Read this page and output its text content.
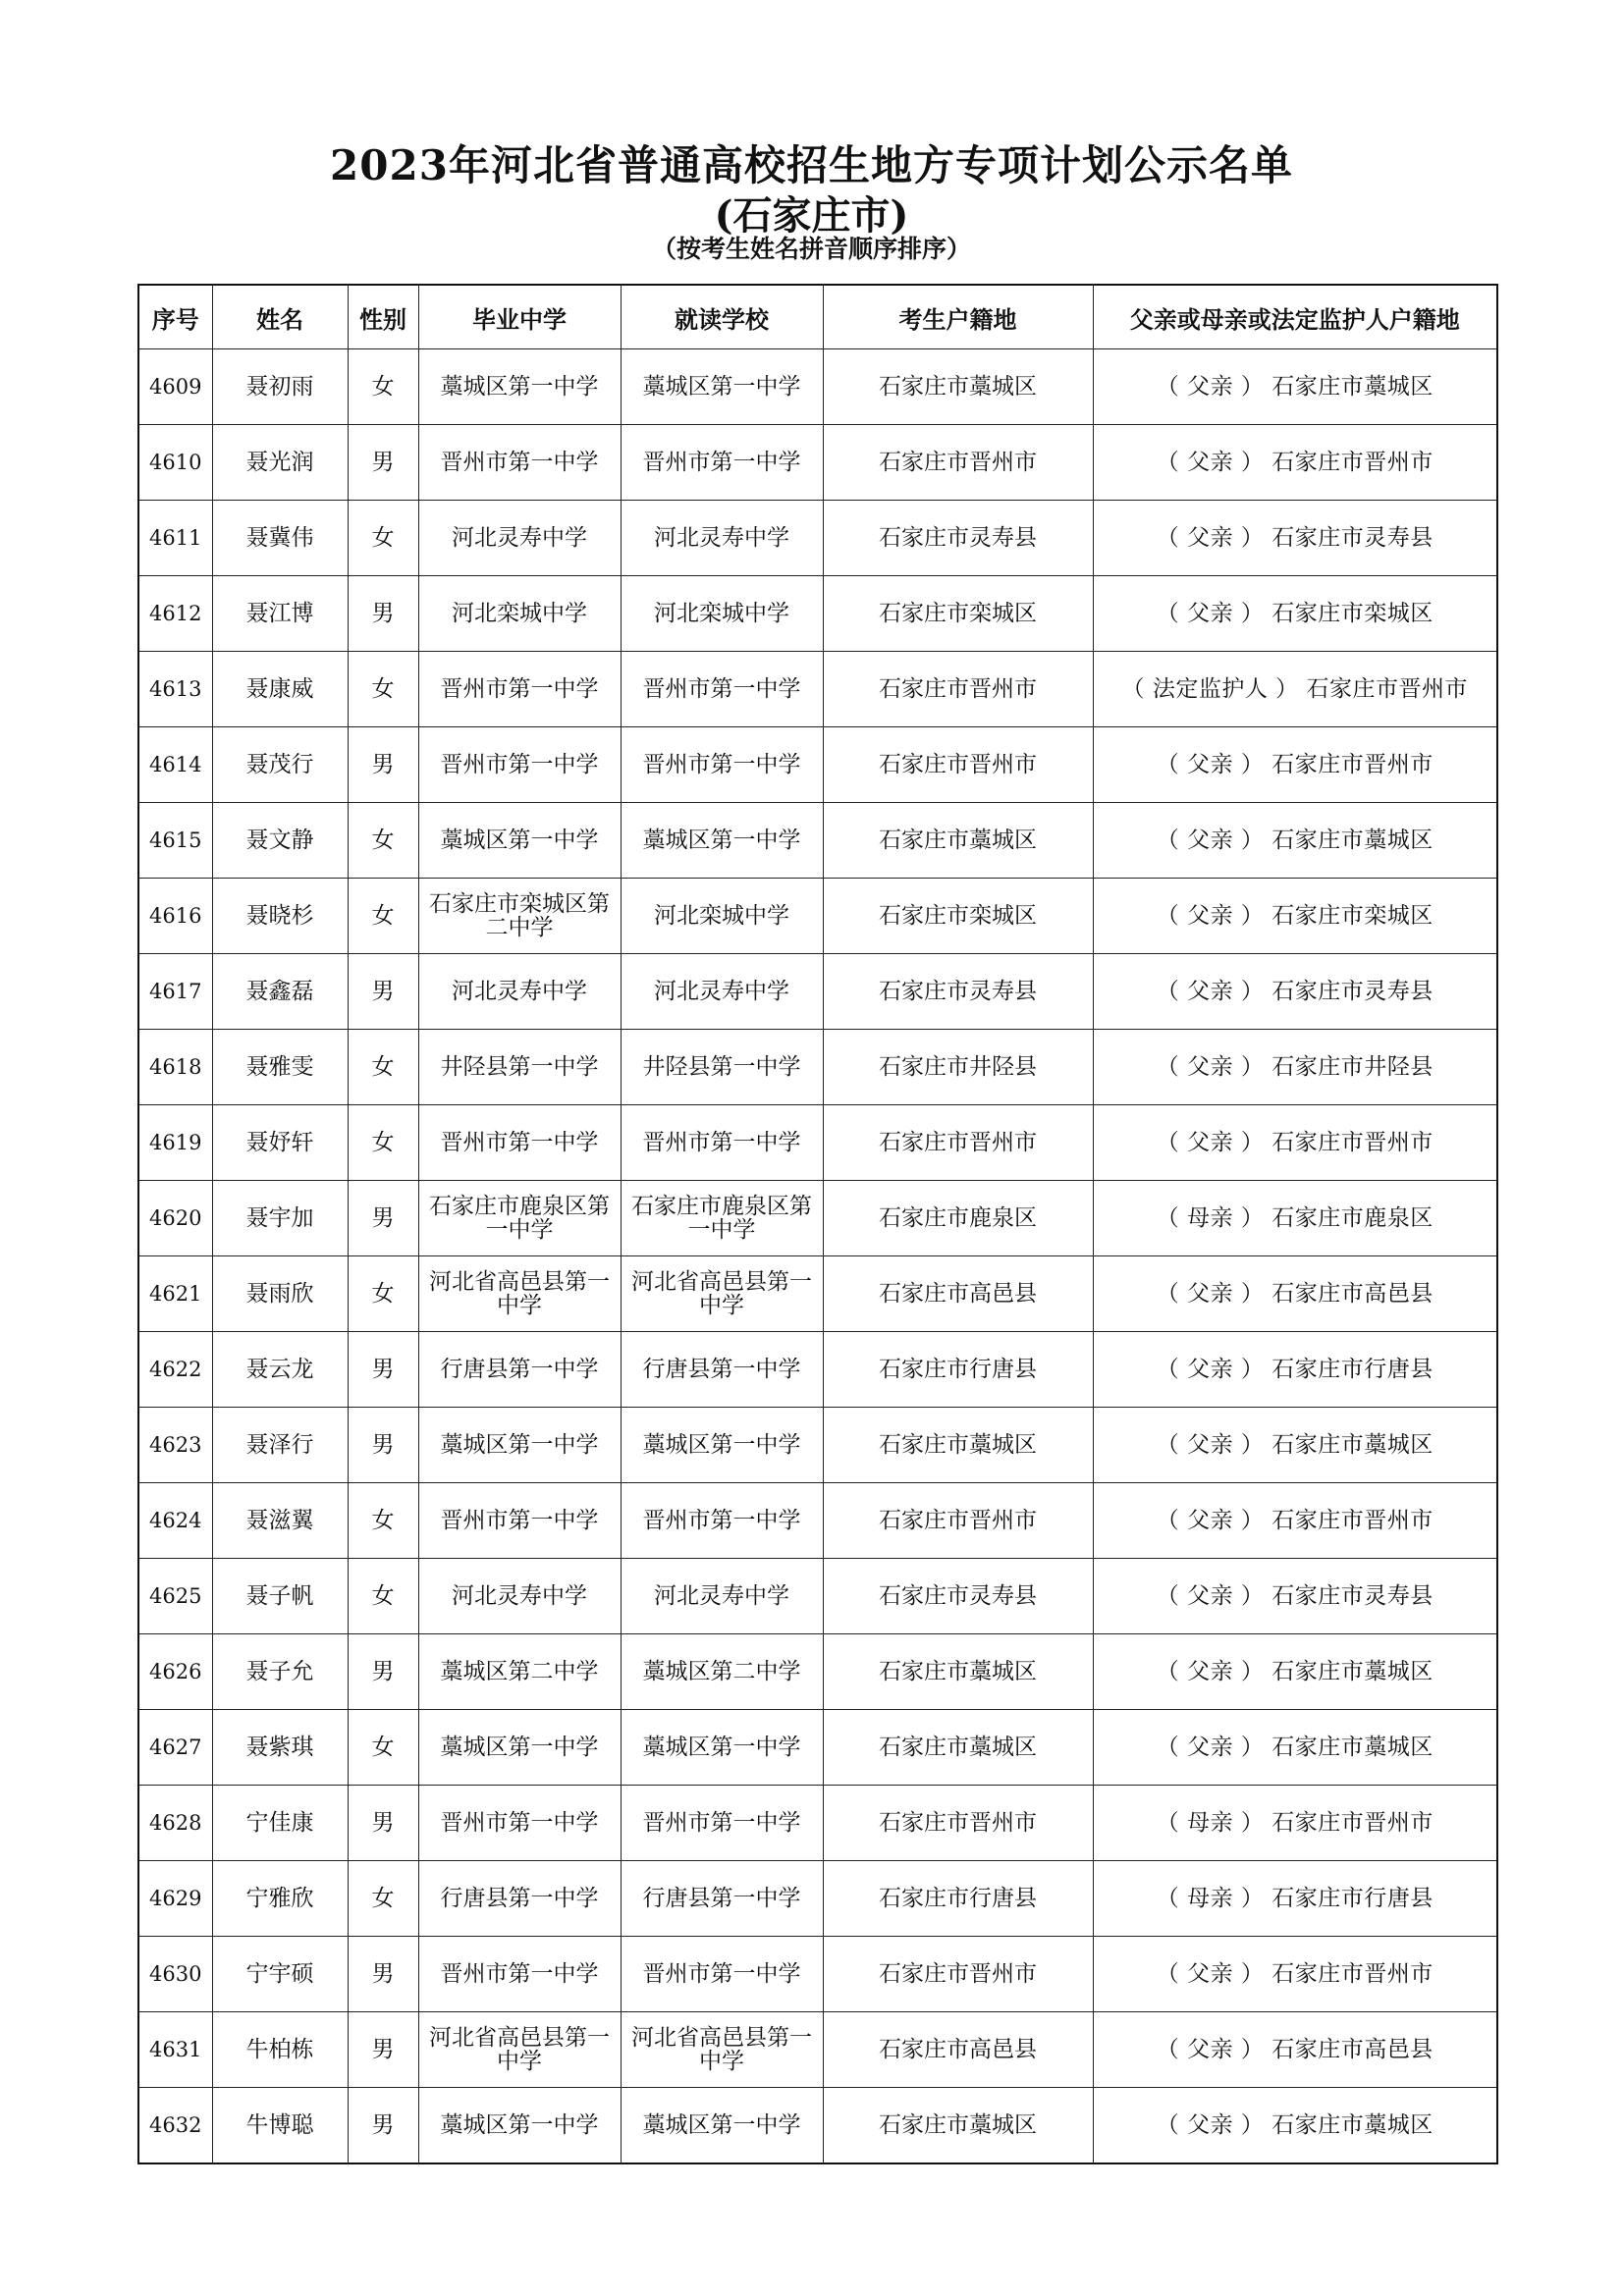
2023年河北省普通高校招生地方专项计划公示名单
(石家庄市)
（按考生姓名拼音顺序排序）
序号	姓名	性别	毕业中学	就读学校	考生户籍地	父亲或母亲或法定监护人户籍地
4609	聂初雨	女	藁城区第一中学	藁城区第一中学	石家庄市藁城区	（ 父亲 ） 石家庄市藁城区
4610	聂光润	男	晋州市第一中学	晋州市第一中学	石家庄市晋州市	（ 父亲 ） 石家庄市晋州市
4611	聂冀伟	女	河北灵寿中学	河北灵寿中学	石家庄市灵寿县	（ 父亲 ） 石家庄市灵寿县
4612	聂江博	男	河北栾城中学	河北栾城中学	石家庄市栾城区	（ 父亲 ） 石家庄市栾城区
4613	聂康威	女	晋州市第一中学	晋州市第一中学	石家庄市晋州市	（ 法定监护人 ） 石家庄市晋州市
4614	聂茂行	男	晋州市第一中学	晋州市第一中学	石家庄市晋州市	（ 父亲 ） 石家庄市晋州市
4615	聂文静	女	藁城区第一中学	藁城区第一中学	石家庄市藁城区	（ 父亲 ） 石家庄市藁城区
4616	聂晓杉	女	石家庄市栾城区第二中学	河北栾城中学	石家庄市栾城区	（ 父亲 ） 石家庄市栾城区
4617	聂鑫磊	男	河北灵寿中学	河北灵寿中学	石家庄市灵寿县	（ 父亲 ） 石家庄市灵寿县
4618	聂雅雯	女	井陉县第一中学	井陉县第一中学	石家庄市井陉县	（ 父亲 ） 石家庄市井陉县
4619	聂妤轩	女	晋州市第一中学	晋州市第一中学	石家庄市晋州市	（ 父亲 ） 石家庄市晋州市
4620	聂宇加	男	石家庄市鹿泉区第一中学	石家庄市鹿泉区第一中学	石家庄市鹿泉区	（ 母亲 ） 石家庄市鹿泉区
4621	聂雨欣	女	河北省高邑县第一中学	河北省高邑县第一中学	石家庄市高邑县	（ 父亲 ） 石家庄市高邑县
4622	聂云龙	男	行唐县第一中学	行唐县第一中学	石家庄市行唐县	（ 父亲 ） 石家庄市行唐县
4623	聂泽行	男	藁城区第一中学	藁城区第一中学	石家庄市藁城区	（ 父亲 ） 石家庄市藁城区
4624	聂滋翼	女	晋州市第一中学	晋州市第一中学	石家庄市晋州市	（ 父亲 ） 石家庄市晋州市
4625	聂子帆	女	河北灵寿中学	河北灵寿中学	石家庄市灵寿县	（ 父亲 ） 石家庄市灵寿县
4626	聂子允	男	藁城区第二中学	藁城区第二中学	石家庄市藁城区	（ 父亲 ） 石家庄市藁城区
4627	聂紫琪	女	藁城区第一中学	藁城区第一中学	石家庄市藁城区	（ 父亲 ） 石家庄市藁城区
4628	宁佳康	男	晋州市第一中学	晋州市第一中学	石家庄市晋州市	（ 母亲 ） 石家庄市晋州市
4629	宁雅欣	女	行唐县第一中学	行唐县第一中学	石家庄市行唐县	（ 母亲 ） 石家庄市行唐县
4630	宁宇硕	男	晋州市第一中学	晋州市第一中学	石家庄市晋州市	（ 父亲 ） 石家庄市晋州市
4631	牛柏栋	男	河北省高邑县第一中学	河北省高邑县第一中学	石家庄市高邑县	（ 父亲 ） 石家庄市高邑县
4632	牛博聪	男	藁城区第一中学	藁城区第一中学	石家庄市藁城区	（ 父亲 ） 石家庄市藁城区
